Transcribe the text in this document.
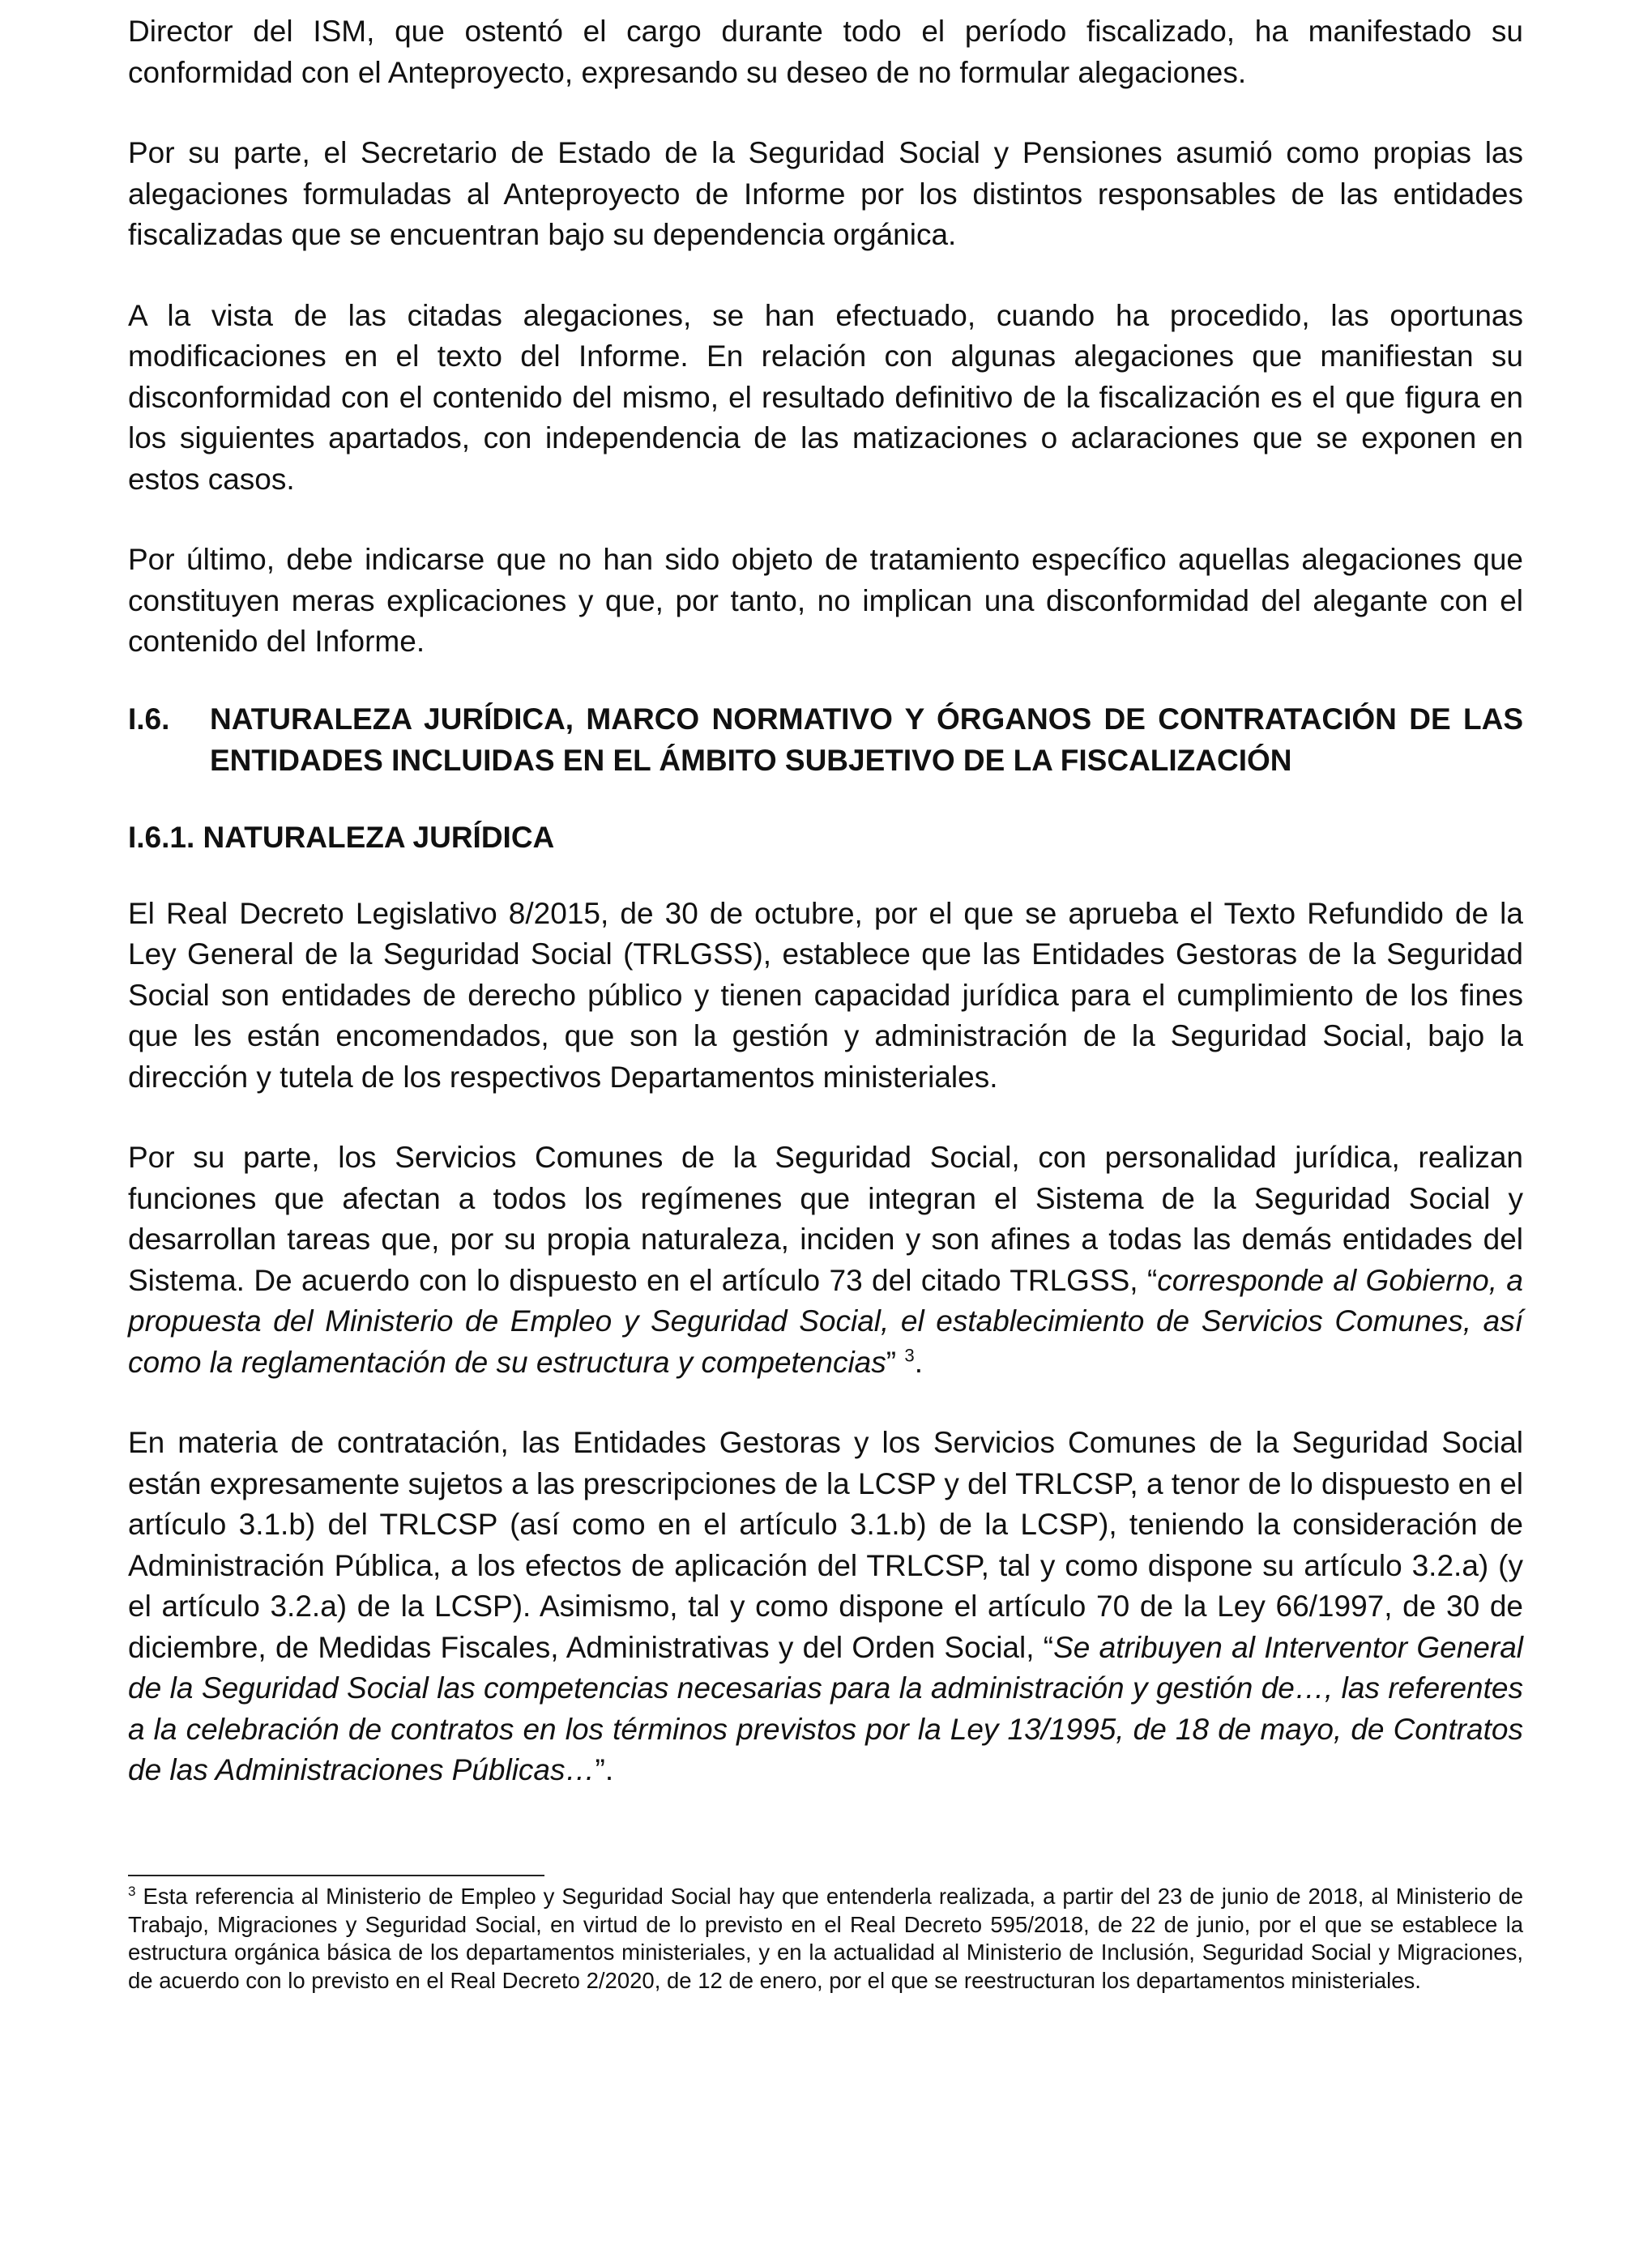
Director del ISM, que ostentó el cargo durante todo el período fiscalizado, ha manifestado su conformidad con el Anteproyecto, expresando su deseo de no formular alegaciones.

Por su parte, el Secretario de Estado de la Seguridad Social y Pensiones asumió como propias las alegaciones formuladas al Anteproyecto de Informe por los distintos responsables de las entidades fiscalizadas que se encuentran bajo su dependencia orgánica.

A la vista de las citadas alegaciones, se han efectuado, cuando ha procedido, las oportunas modificaciones en el texto del Informe. En relación con algunas alegaciones que manifiestan su disconformidad con el contenido del mismo, el resultado definitivo de la fiscalización es el que figura en los siguientes apartados, con independencia de las matizaciones o aclaraciones que se exponen en estos casos.

Por último, debe indicarse que no han sido objeto de tratamiento específico aquellas alegaciones que constituyen meras explicaciones y que, por tanto, no implican una disconformidad del alegante con el contenido del Informe.

I.6.	NATURALEZA JURÍDICA, MARCO NORMATIVO Y ÓRGANOS DE CONTRATACIÓN DE LAS ENTIDADES INCLUIDAS EN EL ÁMBITO SUBJETIVO DE LA FISCALIZACIÓN

I.6.1. NATURALEZA JURÍDICA

El Real Decreto Legislativo 8/2015, de 30 de octubre, por el que se aprueba el Texto Refundido de la Ley General de la Seguridad Social (TRLGSS), establece que las Entidades Gestoras de la Seguridad Social son entidades de derecho público y tienen capacidad jurídica para el cumplimiento de los fines que les están encomendados, que son la gestión y administración de la Seguridad Social, bajo la dirección y tutela de los respectivos Departamentos ministeriales.

Por su parte, los Servicios Comunes de la Seguridad Social, con personalidad jurídica, realizan funciones que afectan a todos los regímenes que integran el Sistema de la Seguridad Social y desarrollan tareas que, por su propia naturaleza, inciden y son afines a todas las demás entidades del Sistema. De acuerdo con lo dispuesto en el artículo 73 del citado TRLGSS, “corresponde al Gobierno, a propuesta del Ministerio de Empleo y Seguridad Social, el establecimiento de Servicios Comunes, así como la reglamentación de su estructura y competencias” $^3$.

En materia de contratación, las Entidades Gestoras y los Servicios Comunes de la Seguridad Social están expresamente sujetos a las prescripciones de la LCSP y del TRLCSP, a tenor de lo dispuesto en el artículo 3.1.b) del TRLCSP (así como en el artículo 3.1.b) de la LCSP), teniendo la consideración de Administración Pública, a los efectos de aplicación del TRLCSP, tal y como dispone su artículo 3.2.a) (y el artículo 3.2.a) de la LCSP). Asimismo, tal y como dispone el artículo 70 de la Ley 66/1997, de 30 de diciembre, de Medidas Fiscales, Administrativas y del Orden Social, “Se atribuyen al Interventor General de la Seguridad Social las competencias necesarias para la administración y gestión de…, las referentes a la celebración de contratos en los términos previstos por la Ley 13/1995, de 18 de mayo, de Contratos de las Administraciones Públicas…”.

$^3$ Esta referencia al Ministerio de Empleo y Seguridad Social hay que entenderla realizada, a partir del 23 de junio de 2018, al Ministerio de Trabajo, Migraciones y Seguridad Social, en virtud de lo previsto en el Real Decreto 595/2018, de 22 de junio, por el que se establece la estructura orgánica básica de los departamentos ministeriales, y en la actualidad al Ministerio de Inclusión, Seguridad Social y Migraciones, de acuerdo con lo previsto en el Real Decreto 2/2020, de 12 de enero, por el que se reestructuran los departamentos ministeriales.
